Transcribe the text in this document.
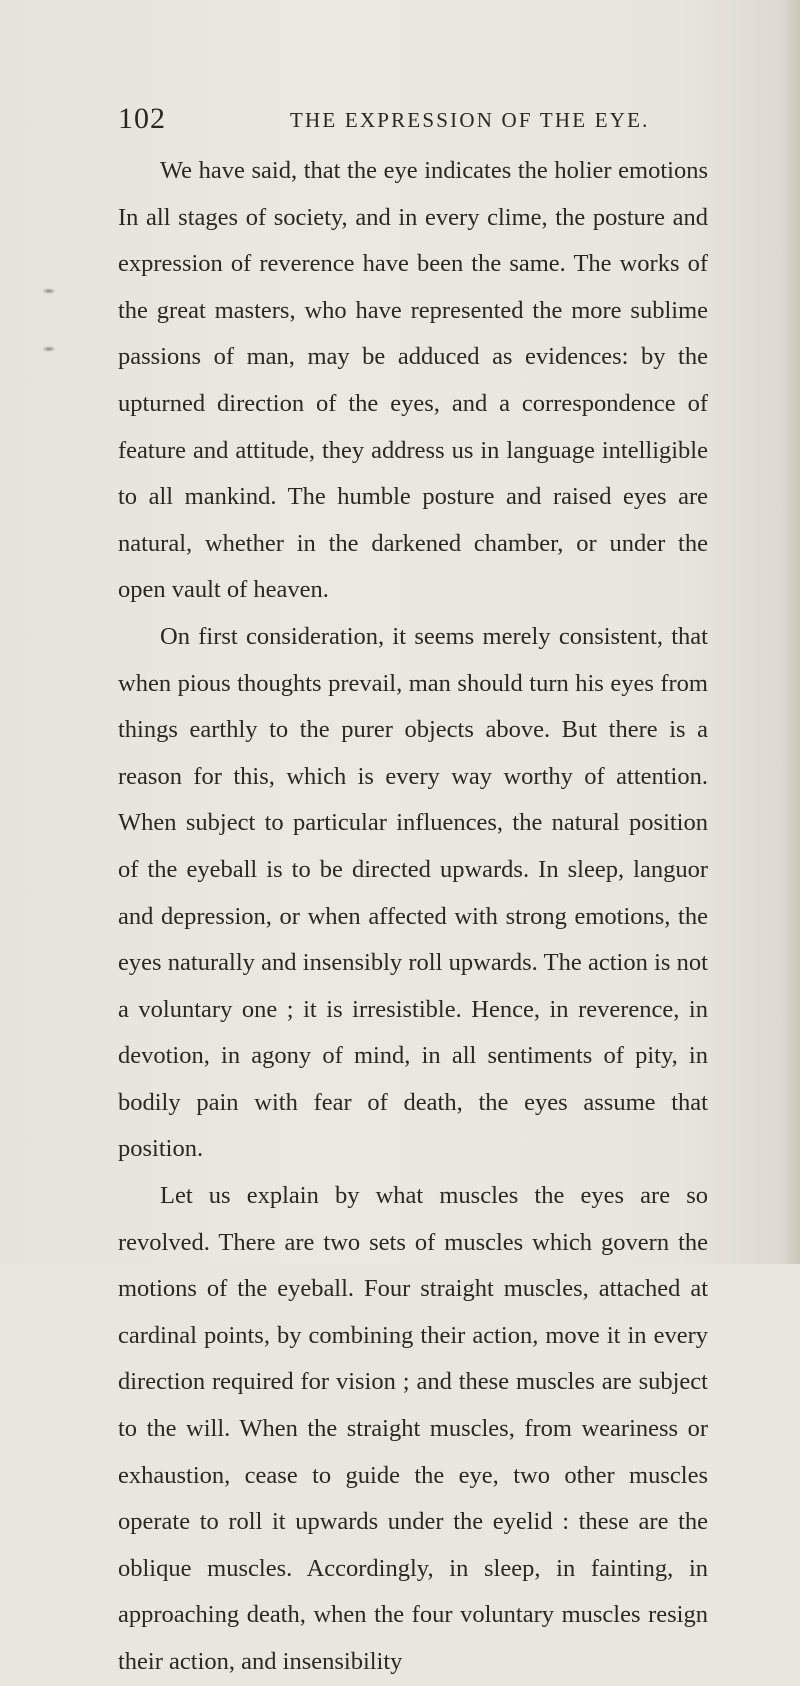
102	THE EXPRESSION OF THE EYE.

We have said, that the eye indicates the holier emotions In all stages of society, and in every clime, the posture and expression of reverence have been the same. The works of the great masters, who have represented the more sublime passions of man, may be adduced as evidences: by the upturned direction of the eyes, and a correspondence of feature and attitude, they address us in language intelligible to all mankind. The humble posture and raised eyes are natural, whether in the darkened chamber, or under the open vault of heaven.

On first consideration, it seems merely consistent, that when pious thoughts prevail, man should turn his eyes from things earthly to the purer objects above. But there is a reason for this, which is every way worthy of attention. When subject to particular influences, the natural position of the eyeball is to be directed upwards. In sleep, languor and depression, or when affected with strong emotions, the eyes naturally and insensibly roll upwards. The action is not a voluntary one ; it is irresistible. Hence, in reverence, in devotion, in agony of mind, in all sentiments of pity, in bodily pain with fear of death, the eyes assume that position.

Let us explain by what muscles the eyes are so revolved. There are two sets of muscles which govern the motions of the eyeball. Four straight muscles, attached at cardinal points, by combining their action, move it in every direction required for vision ; and these muscles are subject to the will. When the straight muscles, from weariness or exhaustion, cease to guide the eye, two other muscles operate to roll it upwards under the eyelid : these are the oblique muscles. Accordingly, in sleep, in fainting, in approaching death, when the four voluntary muscles resign their action, and insensibility
